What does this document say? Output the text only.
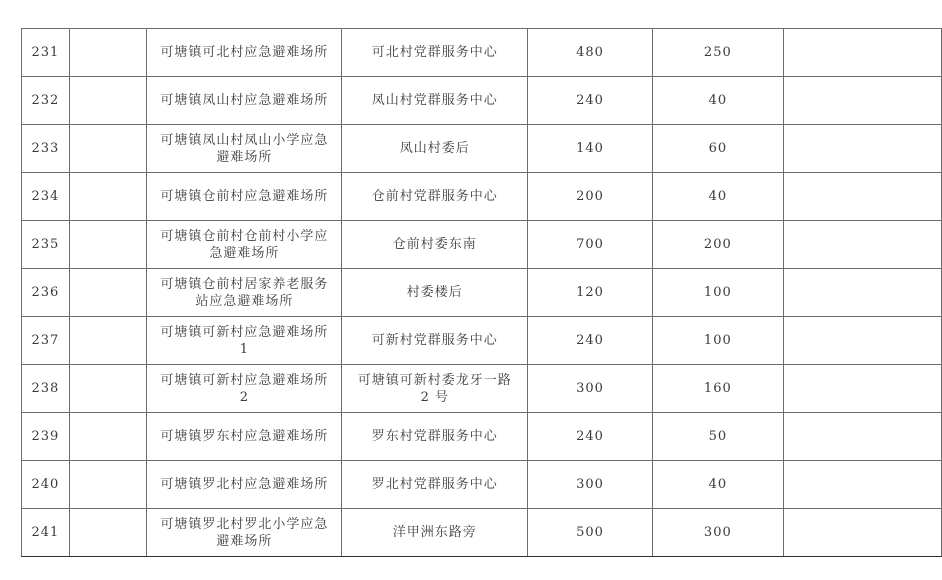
231		可塘镇可北村应急避难场所	可北村党群服务中心	480	250	
232		可塘镇凤山村应急避难场所	凤山村党群服务中心	240	40	
233		可塘镇凤山村凤山小学应急避难场所	凤山村委后	140	60	
234		可塘镇仓前村应急避难场所	仓前村党群服务中心	200	40	
235		可塘镇仓前村仓前村小学应急避难场所	仓前村委东南	700	200	
236		可塘镇仓前村居家养老服务站应急避难场所	村委楼后	120	100	
237		可塘镇可新村应急避难场所 1	可新村党群服务中心	240	100	
238		可塘镇可新村应急避难场所 2	可塘镇可新村委龙牙一路 2 号	300	160	
239		可塘镇罗东村应急避难场所	罗东村党群服务中心	240	50	
240		可塘镇罗北村应急避难场所	罗北村党群服务中心	300	40	
241		可塘镇罗北村罗北小学应急避难场所	洋甲洲东路旁	500	300	
